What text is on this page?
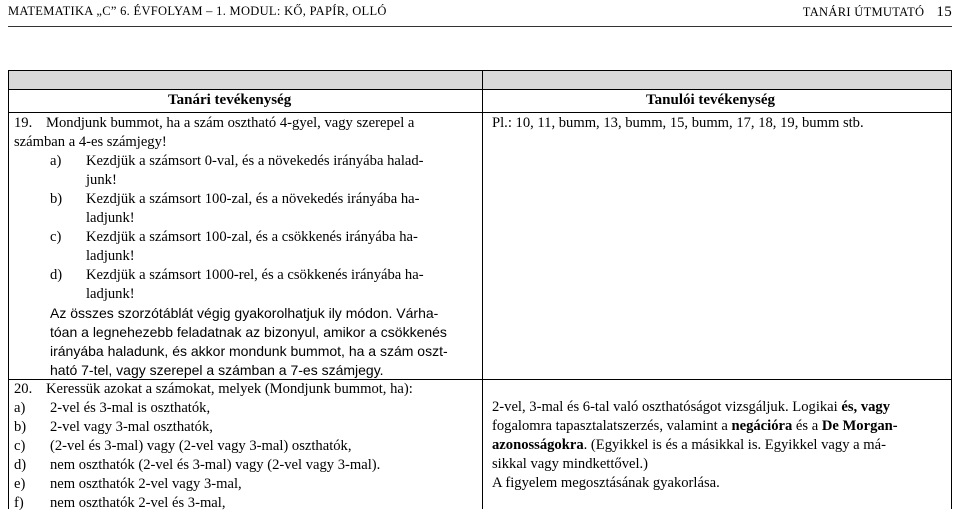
MATEMATIKA „C” 6. ÉVFOLYAM – 1. MODUL: KŐ, PAPÍR, OLLÓ	TANÁRI ÚTMUTATÓ 15
Tanári tevékenység	Tanulói tevékenység
19. Mondjunk bummot, ha a szám osztható 4-gyel, vagy szerepel a
számban a 4-es számjegy!
a) Kezdjük a számsort 0-val, és a növekedés irányába halad-
junk!
b) Kezdjük a számsort 100-zal, és a növekedés irányába ha-
ladjunk!
c) Kezdjük a számsort 100-zal, és a csökkenés irányába ha-
ladjunk!
d) Kezdjük a számsort 1000-rel, és a csökkenés irányába ha-
ladjunk!
Az összes szorzótáblát végig gyakorolhatjuk ily módon. Várha-
tóan a legnehezebb feladatnak az bizonyul, amikor a csökkenés
irányába haladunk, és akkor mondunk bummot, ha a szám oszt-
ható 7-tel, vagy szerepel a számban a 7-es számjegy.
Pl.: 10, 11, bumm, 13, bumm, 15, bumm, 17, 18, 19, bumm stb.
20. Keressük azokat a számokat, melyek (Mondjunk bummot, ha):
a) 2-vel és 3-mal is oszthatók,
b) 2-vel vagy 3-mal oszthatók,
c) (2-vel és 3-mal) vagy (2-vel vagy 3-mal) oszthatók,
d) nem oszthatók (2-vel és 3-mal) vagy (2-vel vagy 3-mal).
e) nem oszthatók 2-vel vagy 3-mal,
f) nem oszthatók 2-vel és 3-mal,
2-vel, 3-mal és 6-tal való oszthatóságot vizsgáljuk. Logikai és, vagy
fogalomra tapasztalatszerzés, valamint a negációra és a De Morgan-
azonosságokra. (Egyikkel is és a másikkal is. Egyikkel vagy a má-
sikkal vagy mindkettővel.)
A figyelem megosztásának gyakorlása.
